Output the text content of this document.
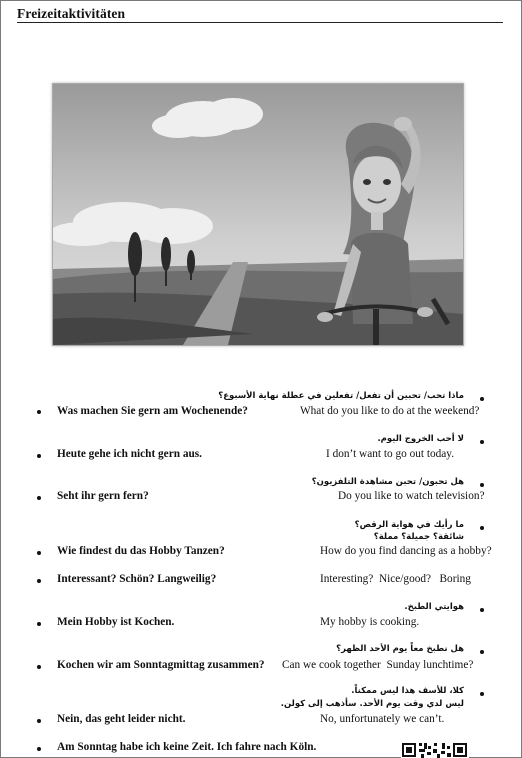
Freizeitaktivitäten
ماذا تحب/ تحبين أن تفعل/ تفعلين في عطلة نهاية الأسبوع؟
Was machen Sie gern am Wochenende?	What do you like to do at the weekend?
لا أحب الخروج اليوم.
Heute gehe ich nicht gern aus.	I don’t want to go out today.
هل تحبون/ تحبن مشاهدة التلفزيون؟
Seht ihr gern fern?	Do you like to watch television?
ما رأيك في هواية الرقص؟
شائقة؟ جميلة؟ مملة؟
Wie findest du das Hobby Tanzen?	How do you find dancing as a hobby?
Interessant? Schön? Langweilig?	Interesting?  Nice/good?   Boring
هوايتي الطبخ.
Mein Hobby ist Kochen.	My hobby is cooking.
هل نطبخ معاً يوم الأحد الظهر؟
Kochen wir am Sonntagmittag zusammen? Can we cook together  Sunday lunchtime?
كلا، للأسف هذا ليس ممكناً.
ليس لدي وقت يوم الأحد. سأذهب إلى كولن.
Nein, das geht leider nicht.	No, unfortunately we can’t.
Am Sonntag habe ich keine Zeit. Ich fahre nach Köln.
